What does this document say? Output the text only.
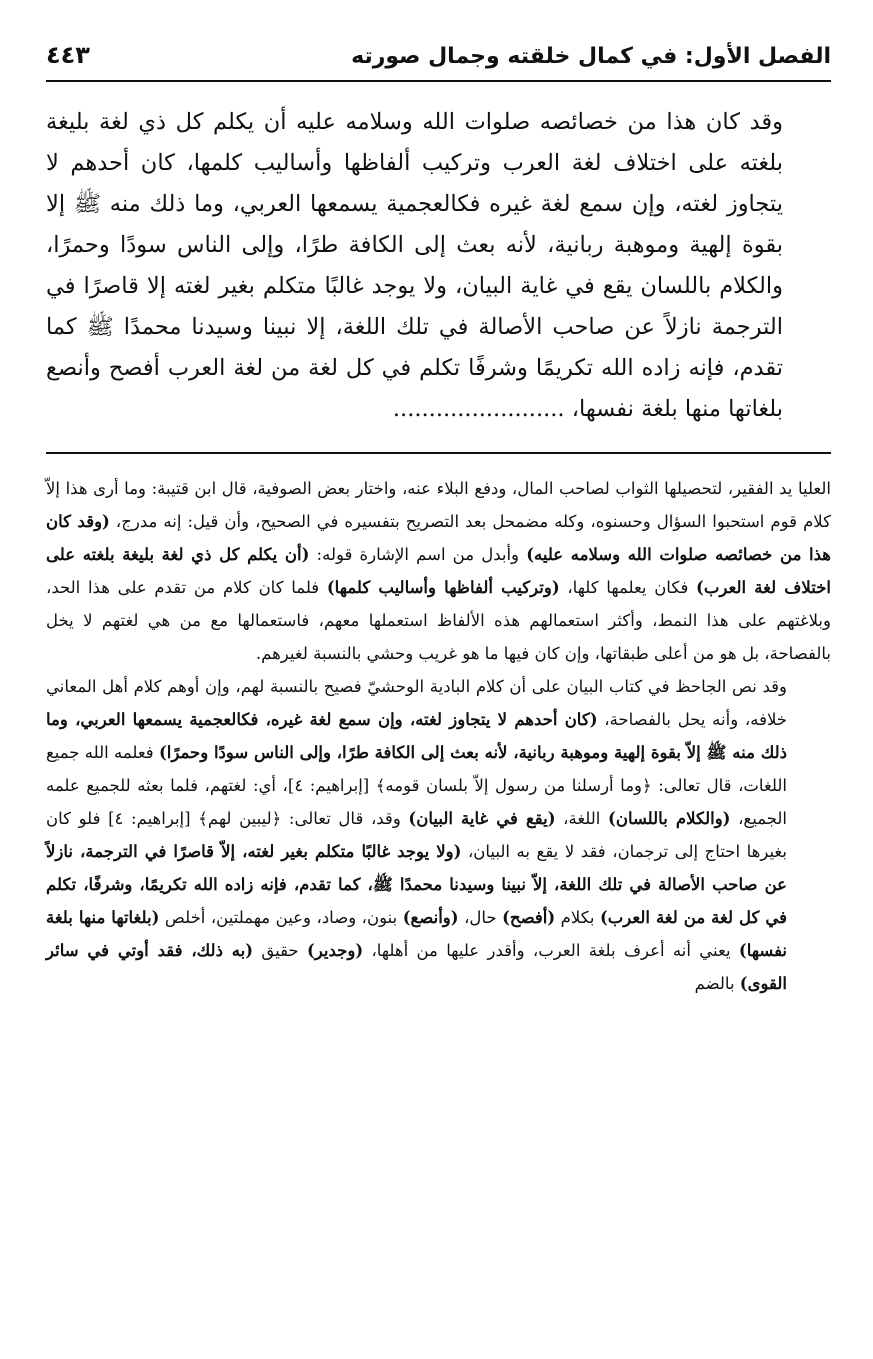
الفصل الأول: في كمال خلقته وجمال صورته
٤٤٣

وقد كان هذا من خصائصه صلوات الله وسلامه عليه أن يكلم كل ذي لغة بليغة بلغته على اختلاف لغة العرب وتركيب ألفاظها وأساليب كلمها، كان أحدهم لا يتجاوز لغته، وإن سمع لغة غيره فكالعجمية يسمعها العربي، وما ذلك منه ﷺ إلا بقوة إلهية وموهبة ربانية، لأنه بعث إلى الكافة طرًا، وإلى الناس سودًا وحمرًا، والكلام باللسان يقع في غاية البيان، ولا يوجد غالبًا متكلم بغير لغته إلا قاصرًا في الترجمة نازلاً عن صاحب الأصالة في تلك اللغة، إلا نبينا وسيدنا محمدًا ﷺ كما تقدم، فإنه زاده الله تكريمًا وشرفًا تكلم في كل لغة من لغة العرب أفصح وأنصع بلغاتها منها بلغة نفسها، ........................

العليا يد الفقير، لتحصيلها الثواب لصاحب المال، ودفع البلاء عنه، واختار بعض الصوفية، قال ابن قتيبة: وما أرى هذا إلاّ كلام قوم استحبوا السؤال وحسنوه، وكله مضمحل بعد التصريح بتفسيره في الصحيح، وأن قيل: إنه مدرج، (وقد كان هذا من خصائصه صلوات الله وسلامه عليه) وأبدل من اسم الإشارة قوله: (أن يكلم كل ذي لغة بليغة بلغته على اختلاف لغة العرب) فكان يعلمها كلها، (وتركيب ألفاظها وأساليب كلمها) فلما كان كلام من تقدم على هذا الحد، وبلاغتهم على هذا النمط، وأكثر استعمالهم هذه الألفاظ استعملها معهم، فاستعمالها مع من هي لغتهم لا يخل بالفصاحة، بل هو من أعلى طبقاتها، وإن كان فيها ما هو غريب وحشي بالنسبة لغيرهم.

وقد نص الجاحظ في كتاب البيان على أن كلام البادية الوحشيّ فصيح بالنسبة لهم، وإن أوهم كلام أهل المعاني خلافه، وأنه يحل بالفصاحة، (كان أحدهم لا يتجاوز لغته، وإن سمع لغة غيره، فكالعجمية يسمعها العربي، وما ذلك منه ﷺ إلاّ بقوة إلهية وموهبة ربانية، لأنه بعث إلى الكافة طرًا، وإلى الناس سودًا وحمرًا) فعلمه الله جميع اللغات، قال تعالى: ﴿وما أرسلنا من رسول إلاّ بلسان قومه﴾ [إبراهيم: ٤]، أي: لغتهم، فلما بعثه للجميع علمه الجميع، (والكلام باللسان) اللغة، (يقع في غاية البيان) وقد، قال تعالى: ﴿ليبين لهم﴾ [إبراهيم: ٤] فلو كان بغيرها احتاج إلى ترجمان، فقد لا يقع به البيان، (ولا يوجد غالبًا متكلم بغير لغته، إلاّ قاصرًا في الترجمة، نازلاً عن صاحب الأصالة في تلك اللغة، إلاّ نبينا وسيدنا محمدًا ﷺ، كما تقدم، فإنه زاده الله تكريمًا، وشرفًا، تكلم في كل لغة من لغة العرب) بكلام (أفصح) حال، (وأنصع) بنون، وصاد، وعين مهملتين، أخلص (بلغاتها منها بلغة نفسها) يعني أنه أعرف بلغة العرب، وأقدر عليها من أهلها، (وجدير) حقيق (به ذلك، فقد أوتي في سائر القوى) بالضم
